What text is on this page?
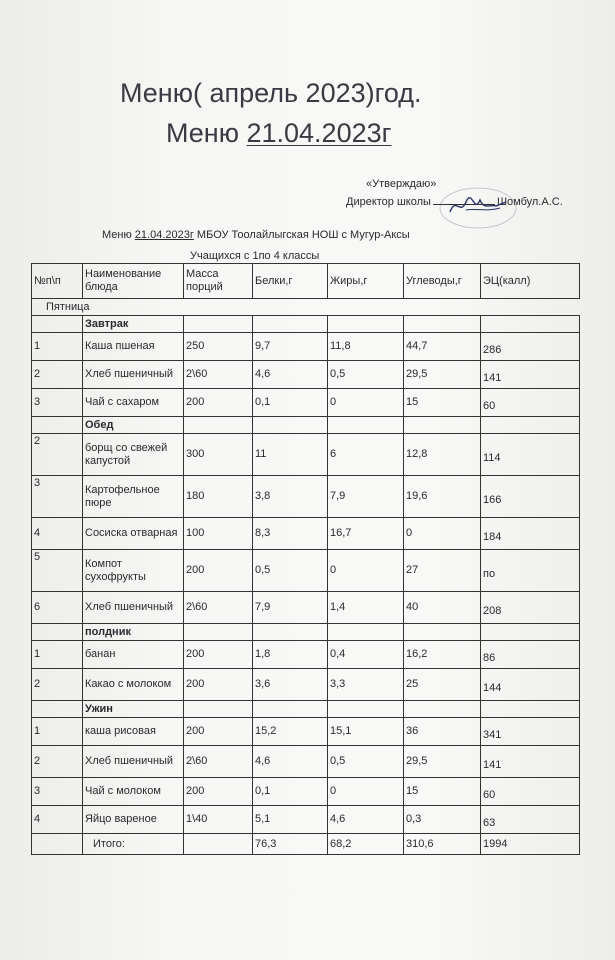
Меню( апрель 2023)год.
Меню 21.04.2023г
«Утверждаю»
Директор школы	Шомбул.А.С.
Меню 21.04.2023г МБОУ Тоолайлыгская НОШ с Мугур-Аксы
Учащихся с 1по 4 классы
№п\п	Наименование блюда	Масса порций	Белки,г	Жиры,г	Углеводы,г	ЭЦ(калл)
Пятница						
	Завтрак					
1	Каша пшеная	250	9,7	11,8	44,7	286
2	Хлеб пшеничный	2\60	4,6	0,5	29,5	141
3	Чай с сахаром	200	0,1	0	15	60
	Обед					
2	борщ со свежей капустой	300	11	6	12,8	114
3	Картофельное пюре	180	3,8	7,9	19,6	166
4	Сосиска отварная	100	8,3	16,7	0	184
5	Компот сухофрукты	200	0,5	0	27	по
6	Хлеб пшеничный	2\60	7,9	1,4	40	208
	полдник					
1	банан	200	1,8	0,4	16,2	86
2	Какао с молоком	200	3,6	3,3	25	144
	Ужин					
1	каша рисовая	200	15,2	15,1	36	341
2	Хлеб пшеничный	2\60	4,6	0,5	29,5	141
3	Чай с молоком	200	0,1	0	15	60
4	Яйцо вареное	1\40	5,1	4,6	0,3	63
	Итого:		76,3	68,2	310,6	1994
